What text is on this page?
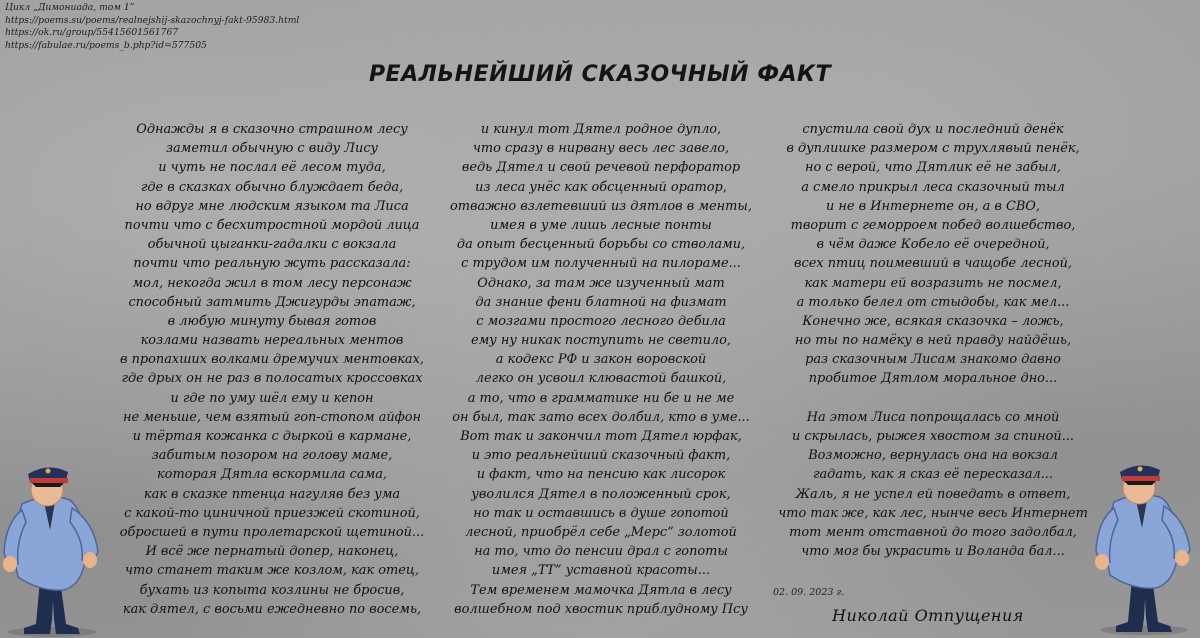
Цикл „Димониада, том 1”
https://poems.su/poems/realnejshij-skazochnyj-fakt-95983.html
https://ok.ru/group/55415601561767
https://fabulae.ru/poems_b.php?id=577505
РЕАЛЬНЕЙШИЙ СКАЗОЧНЫЙ ФАКТ
Однажды я в сказочно страшном лесу
заметил обычную с виду Лису
и чуть не послал её лесом туда,
где в сказках обычно блуждает беда,
но вдруг мне людским языком та Лиса
почти что с бесхитростной мордой лица
обычной цыганки-гадалки с вокзала
почти что реальную жуть рассказала:
мол, некогда жил в том лесу персонаж
способный затмить Джигурды эпатаж,
в любую минуту бывая готов
козлами назвать нереальных ментов
в пропахших волками дремучих ментовках,
где дрых он не раз в полосатых кроссовках
и где по уму шёл ему и кепон
не меньше, чем взятый гоп-стопом айфон
и тёртая кожанка с дыркой в кармане,
забитым позором на голову маме,
которая Дятла вскормила сама,
как в сказке птенца нагуляв без ума
с какой-то циничной приезжей скотиной,
обросшей в пути пролетарской щетиной...
И всё же пернатый допер, наконец,
что станет таким же козлом, как отец,
бухать из копыта козлины не бросив,
как дятел, с восьми ежедневно по восемь,
и кинул тот Дятел родное дупло,
что сразу в нирвану весь лес завело,
ведь Дятел и свой речевой перфоратор
из леса унёс как обсценный оратор,
отважно взлетевший из дятлов в менты,
имея в уме лишь лесные понты
да опыт бесценный борьбы со стволами,
с трудом им полученный на пилораме...
Однако, за там же изученный мат
да знание фени блатной на физмат
с мозгами простого лесного дебила
ему ну никак поступить не светило,
а кодекс РФ и закон воровской
легко он усвоил клювастой башкой,
а то, что в грамматике ни бе и не ме
он был, так зато всех долбил, кто в уме...
Вот так и закончил тот Дятел юрфак,
и это реальнейший сказочный факт,
и факт, что на пенсию как лисорок
уволился Дятел в положенный срок,
но так и оставшись в душе гопотой
лесной, приобрёл себе „Мерс” золотой
на то, что до пенсии драл с гопоты
имея „ТТ” уставной красоты...
Тем временем мамочка Дятла в лесу
волшебном под хвостик приблудному Псу
спустила свой дух и последний денёк
в дуплишке размером с трухлявый пенёк,
но с верой, что Дятлик её не забыл,
а смело прикрыл леса сказочный тыл
и не в Интернете он, а в СВО,
творит с геморроем побед волшебство,
в чём даже Кобело её очередной,
всех птиц поимевший в чащобе лесной,
как матери ей возразить не посмел,
а только белел от стыдобы, как мел...
Конечно же, всякая сказочка – ложь,
но ты по намёку в ней правду найдёшь,
раз сказочным Лисам знакомо давно
пробитое Дятлом моральное дно...
На этом Лиса попрощалась со мной
и скрылась, рыжея хвостом за спиной...
Возможно, вернулась она на вокзал
гадать, как я сказ её пересказал...
Жаль, я не успел ей поведать в ответ,
что так же, как лес, нынче весь Интернет
тот мент отставной до того задолбал,
что мог бы украсить и Воланда бал...
02. 09. 2023 г.
Николай Отпущения
